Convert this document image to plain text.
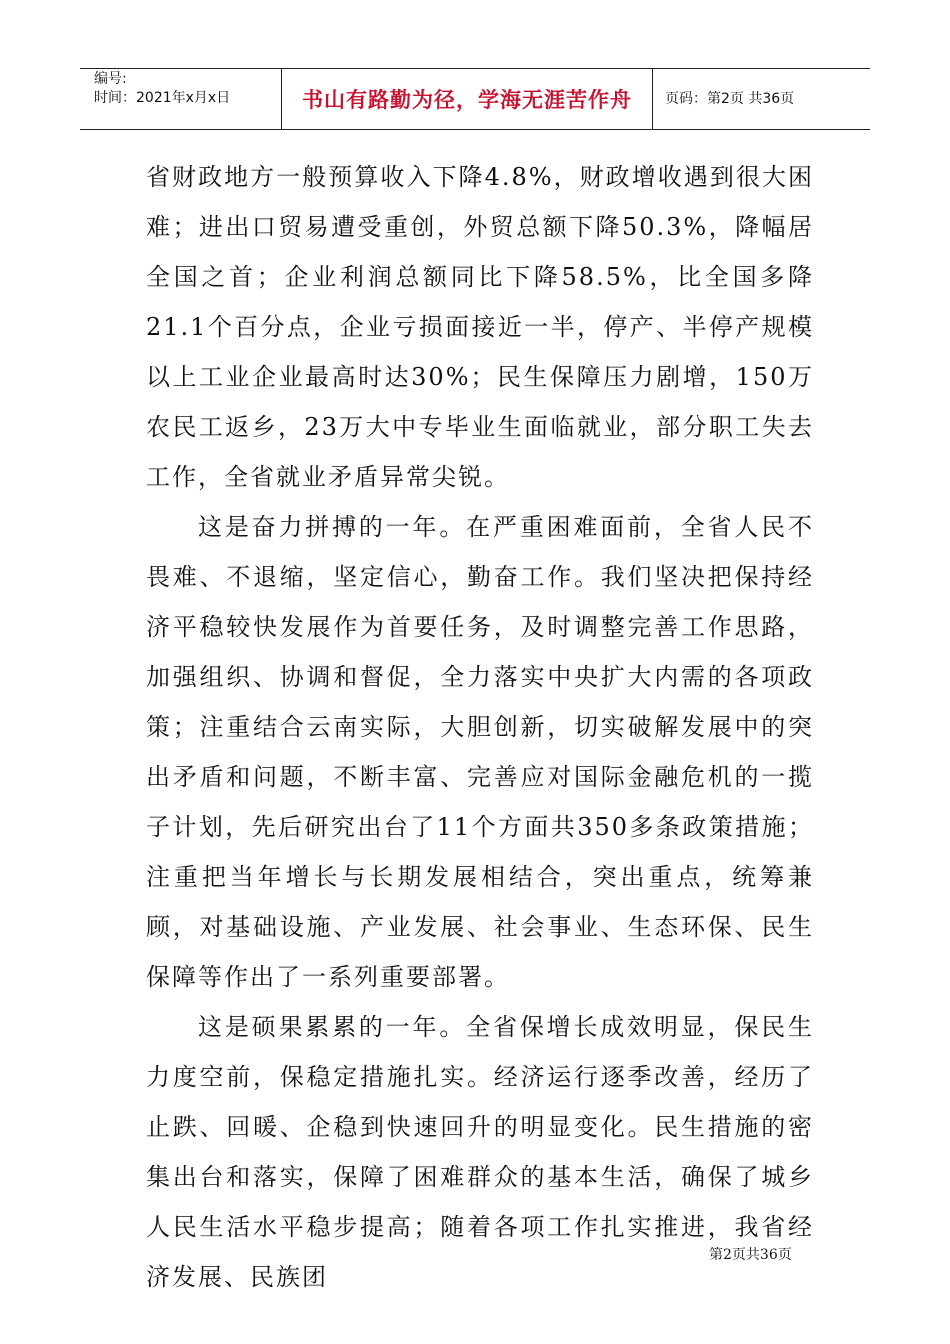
编号:
时间：2021年x月x日	书山有路勤为径，学海无涯苦作舟 页码：第2页 共36页

省财政地方一般预算收入下降4.8%，财政增收遇到很大困难；进出口贸易遭受重创，外贸总额下降50.3%，降幅居全国之首；企业利润总额同比下降58.5%，比全国多降21.1个百分点，企业亏损面接近一半，停产、半停产规模以上工业企业最高时达30%；民生保障压力剧增，150万农民工返乡，23万大中专毕业生面临就业，部分职工失去工作，全省就业矛盾异常尖锐。

这是奋力拼搏的一年。在严重困难面前，全省人民不畏难、不退缩，坚定信心，勤奋工作。我们坚决把保持经济平稳较快发展作为首要任务，及时调整完善工作思路，加强组织、协调和督促，全力落实中央扩大内需的各项政策；注重结合云南实际，大胆创新，切实破解发展中的突出矛盾和问题，不断丰富、完善应对国际金融危机的一揽子计划，先后研究出台了11个方面共350多条政策措施；注重把当年增长与长期发展相结合，突出重点，统筹兼顾，对基础设施、产业发展、社会事业、生态环保、民生保障等作出了一系列重要部署。

这是硕果累累的一年。全省保增长成效明显，保民生力度空前，保稳定措施扎实。经济运行逐季改善，经历了止跌、回暖、企稳到快速回升的明显变化。民生措施的密集出台和落实，保障了困难群众的基本生活，确保了城乡人民生活水平稳步提高；随着各项工作扎实推进，我省经济发展、民族团

第2页共36页
